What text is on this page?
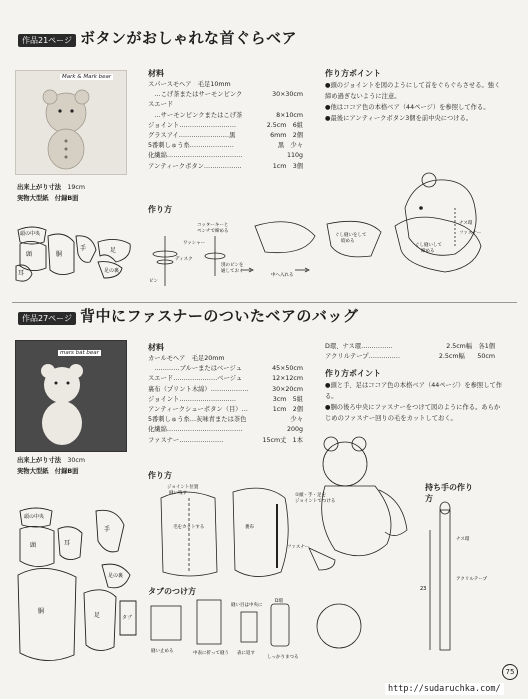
作品21ページ ボタンがおしゃれな首ぐらベア
Mark & Mark bear
出来上がり寸法　 19cm
実物大型紙　付録B面
材料
スパースモヘア　毛足10mm
　…こげ茶またはサーモンピンク	30×30cm
スエード
　…サーモンピンクまたはこげ茶	8×10cm
ジョイント………………………	2.5cm　6組
グラスアイ……………………黒	6mm　2個
5番刺しゅう糸…………………	黒　少々
化繊綿………………………………	110g
アンティークボタン………………	1cm　3個
作り方ポイント
●頭のジョイントを図のようにして首をぐらぐらさせる。強く締め過ぎないように注意。
●他はココア色の本格ベア（44ページ）を参照して作る。
●最後にアンティークボタン3個を前中央につける。
作り方
頭の中央
頭	胴
耳
手	足
足の裏
ワッシャー
ディスク
ピン
コッターキーと
ペンチで締める
別のピンを
通しておく
中へ入れる
ぐし縫いをして
絞める
ぐし縫いして
締める
ナス環
ファスナー
作品27ページ 背中にファスナーのついたベアのバッグ
mars bat bear
出来上がり寸法　 30cm
実物大型紙　付録B面
材料
カールモヘア　毛足20mm
　…………ブルーまたはベージュ	45×50cm
スエード…………………ベージュ	12×12cm
裏布（プリント木綿）………………	30×20cm
ジョイント………………………	3cm　5組
アンティークシューボタン（目）…	1cm　2個
5番刺しゅう糸…灰味青または茶色	少々
化繊綿………………………………	200g
ファスナー…………………	15cm丈　1本
D環、ナス環……………	2.5cm幅　各1個
アクリルテープ……………	2.5cm幅　　50cm
作り方ポイント
●頭と手、足はココア色の本格ベア（44ページ）を参照して作る。
●胴の後ろ中央にファスナーをつけて図のように作る。あらかじめのファスナー回りの毛をカットしておく。
作り方
タブのつけ方
持ち手の作り方
頭の中央
頭	耳
手
胴
足
足の裏
タブ
ジョイント位置
縫い残す
毛をカットする	裏布
ファスナー
①頭・手・足を
ジョイントでつける
縫い止める	中表に折って縫う 表に返す
縫い目は中央に
D環
しっかりまつる
23
ナス環
アクリルテープ
http://sudaruchka.com/
75
